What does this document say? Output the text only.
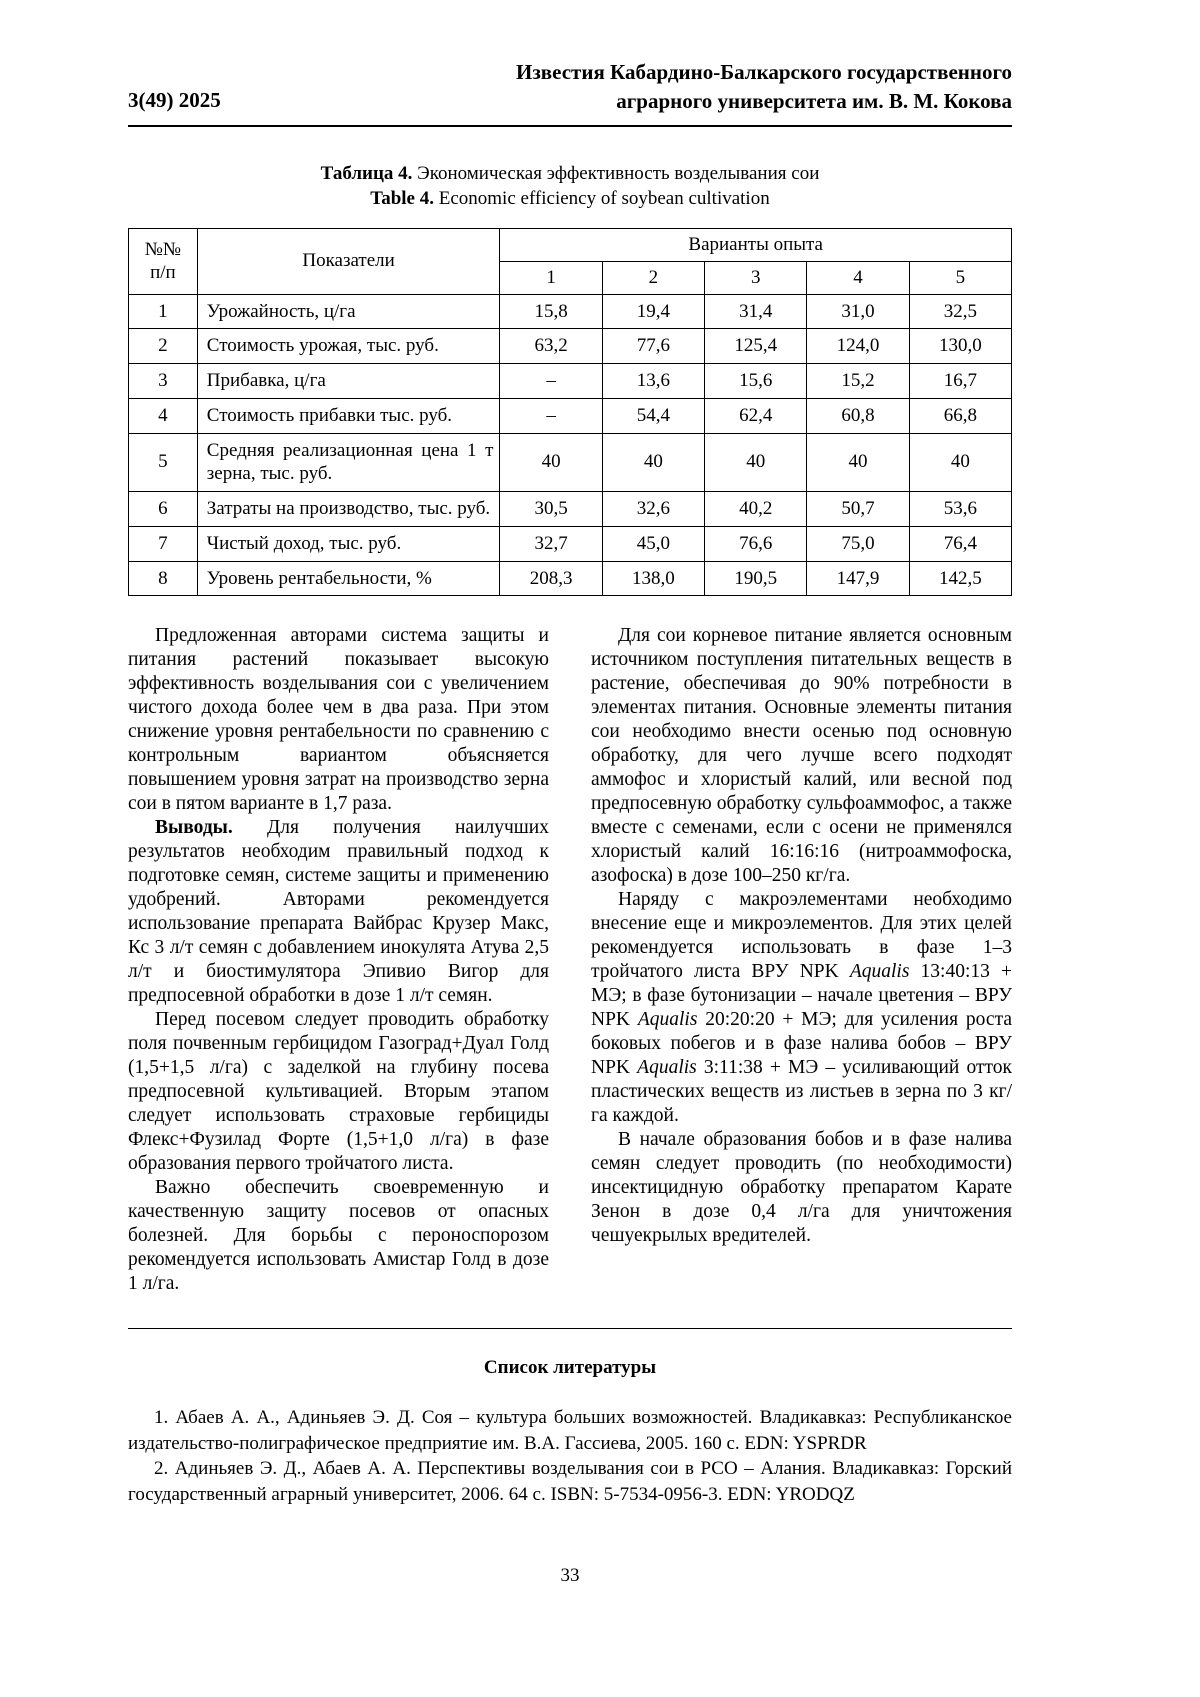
3(49) 2025
Известия Кабардино-Балкарского государственного
аграрного университета им. В. М. Кокова
Таблица 4. Экономическая эффективность возделывания сои
Table 4. Economic efficiency of soybean cultivation
№№
п/п	Показатели	Варианты опыта				
		1	2	3	4	5
1	Урожайность, ц/га	15,8	19,4	31,4	31,0	32,5
2	Стоимость урожая, тыс. руб.	63,2	77,6	125,4	124,0	130,0
3	Прибавка, ц/га	–	13,6	15,6	15,2	16,7
4	Стоимость прибавки тыс. руб.	–	54,4	62,4	60,8	66,8
5	Средняя реализационная цена 1 т зерна, тыс. руб.	40	40	40	40	40
6	Затраты на производство, тыс. руб.	30,5	32,6	40,2	50,7	53,6
7	Чистый доход, тыс. руб.	32,7	45,0	76,6	75,0	76,4
8	Уровень рентабельности, %	208,3	138,0	190,5	147,9	142,5

Предложенная авторами система защиты и питания растений показывает высокую эффективность возделывания сои с увеличением чистого дохода более чем в два раза. При этом снижение уровня рентабельности по сравнению с контрольным вариантом объясняется повышением уровня затрат на производство зерна сои в пятом варианте в 1,7 раза.

Выводы. Для получения наилучших результатов необходим правильный подход к подготовке семян, системе защиты и применению удобрений. Авторами рекомендуется использование препарата Вайбрас Крузер Макс, Кс 3 л/т семян с добавлением инокулята Атува 2,5 л/т и биостимулятора Эпивио Вигор для предпосевной обработки в дозе 1 л/т семян.

Перед посевом следует проводить обработку поля почвенным гербицидом Газоград+Дуал Голд (1,5+1,5 л/га) с заделкой на глубину посева предпосевной культивацией. Вторым этапом следует использовать страховые гербициды Флекс+Фузилад Форте (1,5+1,0 л/га) в фазе образования первого тройчатого листа.

Важно обеспечить своевременную и качественную защиту посевов от опасных болезней. Для борьбы с пероноспорозом рекомендуется использовать Амистар Голд в дозе 1 л/га.

Для сои корневое питание является основным источником поступления питательных веществ в растение, обеспечивая до 90% потребности в элементах питания. Основные элементы питания сои необходимо внести осенью под основную обработку, для чего лучше всего подходят аммофос и хлористый калий, или весной под предпосевную обработку сульфоаммофос, а также вместе с семенами, если с осени не применялся хлористый калий 16:16:16 (нитроаммофоска, азофоска) в дозе 100–250 кг/га.

Наряду с макроэлементами необходимо внесение еще и микроэлементов. Для этих целей рекомендуется использовать в фазе 1–3 тройчатого листа ВРУ NPK Aqualis 13:40:13 + МЭ; в фазе бутонизации – начале цветения – ВРУ NPK Aqualis 20:20:20 + МЭ; для усиления роста боковых побегов и в фазе налива бобов – ВРУ NPK Aqualis 3:11:38 + МЭ – усиливающий отток пластических веществ из листьев в зерна по 3 кг/га каждой.

В начале образования бобов и в фазе налива семян следует проводить (по необходимости) инсектицидную обработку препаратом Карате Зенон в дозе 0,4 л/га для уничтожения чешуекрылых вредителей.

Список литературы

1. Абаев А. А., Адиньяев Э. Д. Соя – культура больших возможностей. Владикавказ: Республиканское издательство-полиграфическое предприятие им. В.А. Гассиева, 2005. 160 с. EDN: YSPRDR

2. Адиньяев Э. Д., Абаев А. А. Перспективы возделывания сои в РСО – Алания. Владикавказ: Горский государственный аграрный университет, 2006. 64 с. ISBN: 5-7534-0956-3. EDN: YRODQZ

33
